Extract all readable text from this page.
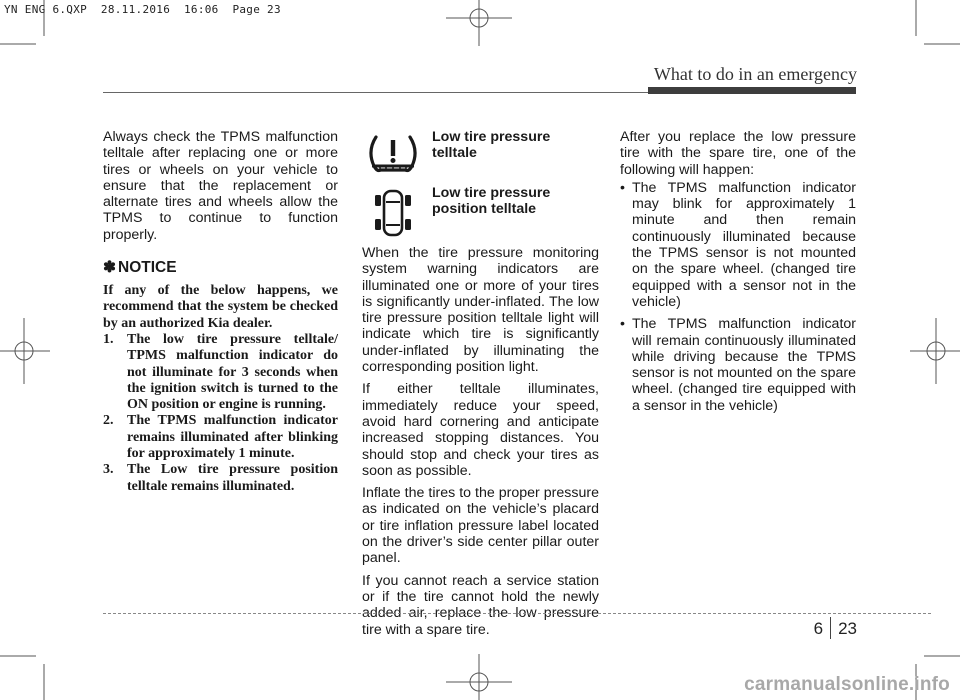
YN ENG 6.QXP  28.11.2016  16:06  Page 23
What to do in an emergency

Always check the TPMS malfunction telltale after replacing one or more tires or wheels on your vehicle to ensure that the replacement or alternate tires and wheels allow the TPMS to continue to function properly.

✽ NOTICE
If any of the below happens, we recommend that the system be checked by an authorized Kia dealer.
1. The low tire pressure telltale/ TPMS malfunction indicator do not illuminate for 3 seconds when the ignition switch is turned to the ON position or engine is running.
2. The TPMS malfunction indicator remains illuminated after blinking for approximately 1 minute.
3. The Low tire pressure position telltale remains illuminated.
Low tire pressure telltale
Low tire pressure position telltale

When the tire pressure monitoring system warning indicators are illuminated one or more of your tires is significantly under-inflated. The low tire pressure position telltale light will indicate which tire is significantly under-inflated by illuminating the corresponding position light.

If either telltale illuminates, immediately reduce your speed, avoid hard cornering and anticipate increased stopping distances. You should stop and check your tires as soon as possible.

Inflate the tires to the proper pressure as indicated on the vehicle’s placard or tire inflation pressure label located on the driver’s side center pillar outer panel.

If you cannot reach a service station or if the tire cannot hold the newly added air, replace the low pressure tire with a spare tire.

After you replace the low pressure tire with the spare tire, one of the following will happen:

• The TPMS malfunction indicator may blink for approximately 1 minute and then remain continuously illuminated because the TPMS sensor is not mounted on the spare wheel. (changed tire equipped with a sensor not in the vehicle)
• The TPMS malfunction indicator will remain continuously illuminated while driving because the TPMS sensor is not mounted on the spare wheel. (changed tire equipped with a sensor in the vehicle)
6 23
carmanualsonline.info
